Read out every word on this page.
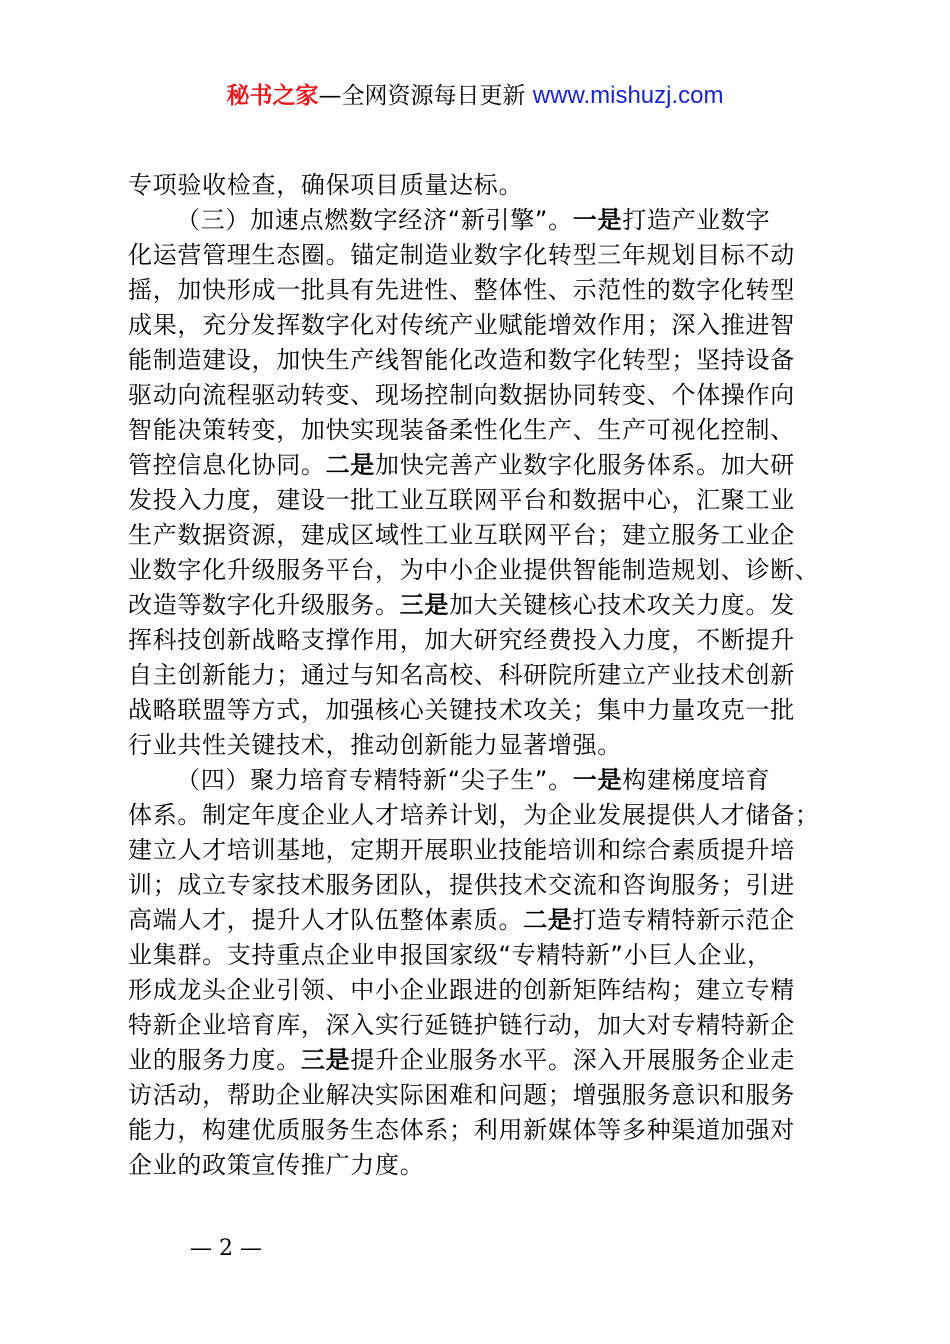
秘书之家—全网资源每日更新 www.mishuzj.com
专项验收检查，确保项目质量达标。
（三）加速点燃数字经济“新引擎”。一是打造产业数字
化运营管理生态圈。锚定制造业数字化转型三年规划目标不动
摇，加快形成一批具有先进性、整体性、示范性的数字化转型
成果，充分发挥数字化对传统产业赋能增效作用；深入推进智
能制造建设，加快生产线智能化改造和数字化转型；坚持设备
驱动向流程驱动转变、现场控制向数据协同转变、个体操作向
智能决策转变，加快实现装备柔性化生产、生产可视化控制、
管控信息化协同。二是加快完善产业数字化服务体系。加大研
发投入力度，建设一批工业互联网平台和数据中心，汇聚工业
生产数据资源，建成区域性工业互联网平台；建立服务工业企
业数字化升级服务平台，为中小企业提供智能制造规划、诊断、
改造等数字化升级服务。三是加大关键核心技术攻关力度。发
挥科技创新战略支撑作用，加大研究经费投入力度，不断提升
自主创新能力；通过与知名高校、科研院所建立产业技术创新
战略联盟等方式，加强核心关键技术攻关；集中力量攻克一批
行业共性关键技术，推动创新能力显著增强。
（四）聚力培育专精特新“尖子生”。一是构建梯度培育
体系。制定年度企业人才培养计划，为企业发展提供人才储备；
建立人才培训基地，定期开展职业技能培训和综合素质提升培
训；成立专家技术服务团队，提供技术交流和咨询服务；引进
高端人才，提升人才队伍整体素质。二是打造专精特新示范企
业集群。支持重点企业申报国家级“专精特新”小巨人企业，
形成龙头企业引领、中小企业跟进的创新矩阵结构；建立专精
特新企业培育库，深入实行延链护链行动，加大对专精特新企
业的服务力度。三是提升企业服务水平。深入开展服务企业走
访活动，帮助企业解决实际困难和问题；增强服务意识和服务
能力，构建优质服务生态体系；利用新媒体等多种渠道加强对
企业的政策宣传推广力度。
— 2 —
